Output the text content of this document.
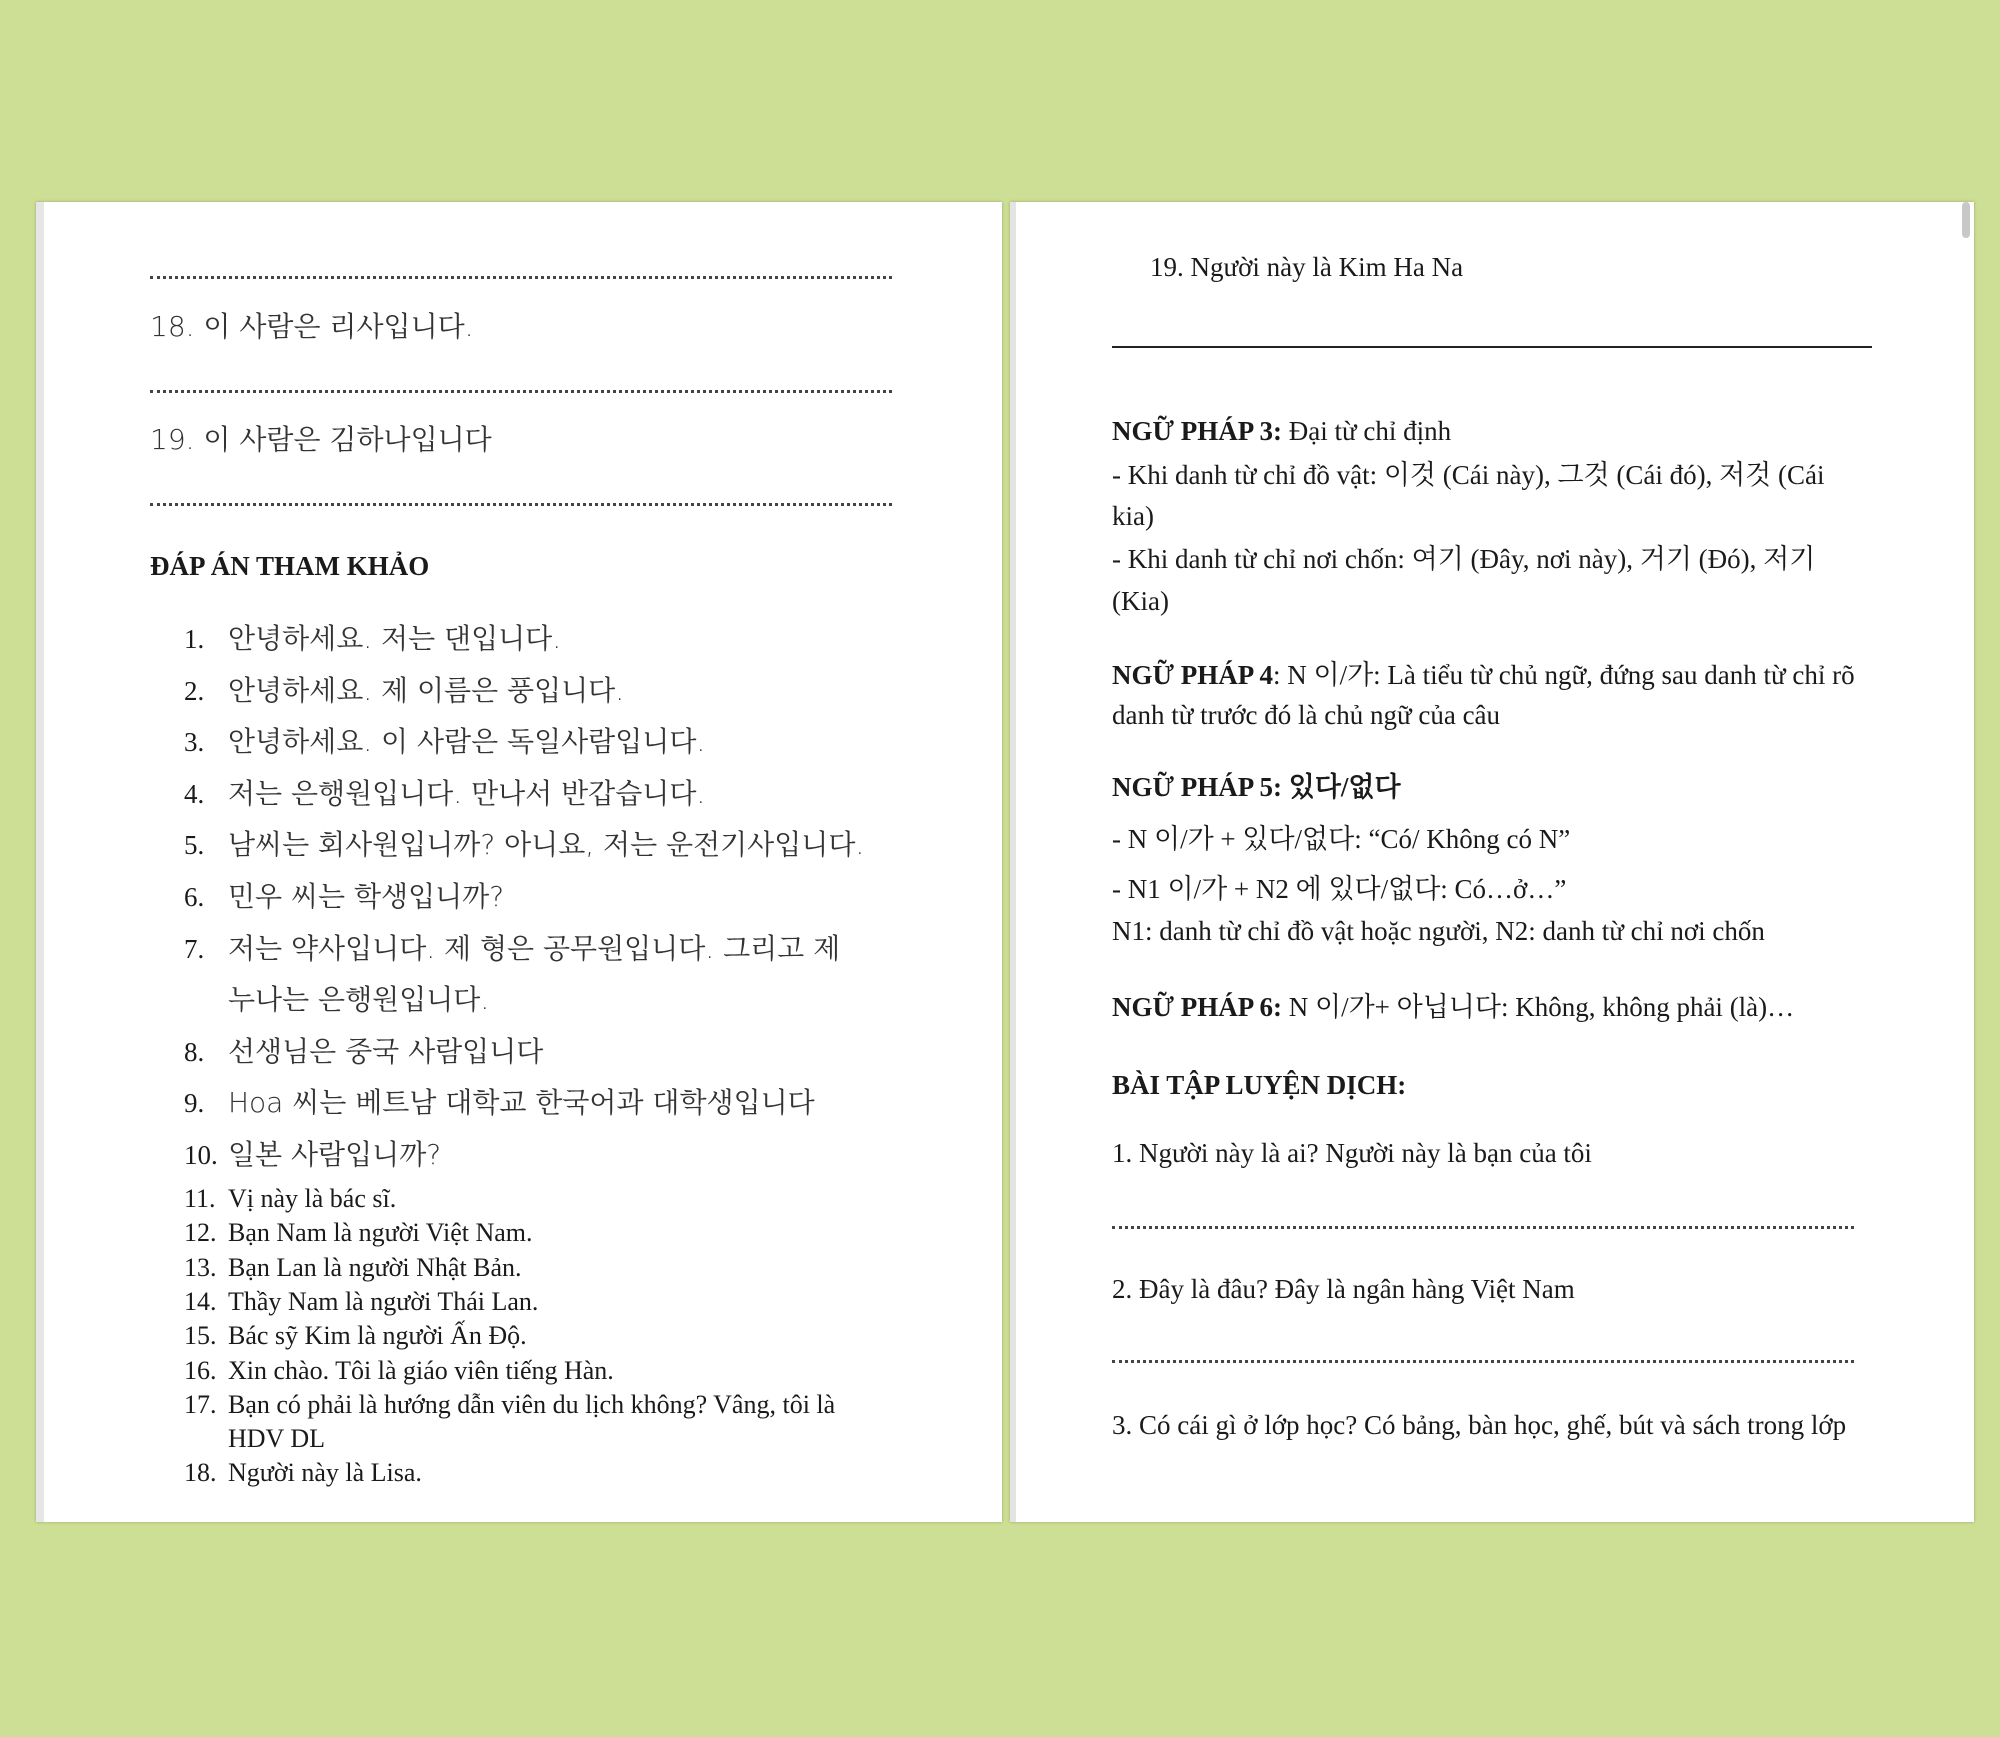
18. 이 사람은 리사입니다.
19. 이 사람은 김하나입니다
ĐÁP ÁN THAM KHẢO
1. 안녕하세요. 저는 댄입니다.
2. 안녕하세요. 제 이름은 풍입니다.
3. 안녕하세요. 이 사람은 독일사람입니다.
4. 저는 은행원입니다. 만나서 반갑습니다.
5. 남씨는 회사원입니까? 아니요, 저는 운전기사입니다.
6. 민우 씨는 학생입니까?
7. 저는 약사입니다. 제 형은 공무원입니다. 그리고 제
누나는 은행원입니다.
8. 선생님은 중국 사람입니다
9. Hoa 씨는 베트남 대학교 한국어과 대학생입니다
10. 일본 사람입니까?
11. Vị này là bác sĩ.
12. Bạn Nam là người Việt Nam.
13. Bạn Lan là người Nhật Bản.
14. Thầy Nam là người Thái Lan.
15. Bác sỹ Kim là người Ấn Độ.
16. Xin chào. Tôi là giáo viên tiếng Hàn.
17. Bạn có phải là hướng dẫn viên du lịch không? Vâng, tôi là
HDV DL
18. Người này là Lisa.
19. Người này là Kim Ha Na
NGỮ PHÁP 3: Đại từ chỉ định
- Khi danh từ chỉ đồ vật: 이것 (Cái này), 그것 (Cái đó), 저것 (Cái
kia)
- Khi danh từ chỉ nơi chốn: 여기 (Đây, nơi này), 거기 (Đó), 저기
(Kia)
NGỮ PHÁP 4: N 이/가: Là tiểu từ chủ ngữ, đứng sau danh từ chỉ rõ
danh từ trước đó là chủ ngữ của câu
NGỮ PHÁP 5: 있다/없다
- N 이/가 + 있다/없다: “Có/ Không có N”
- N1 이/가 + N2 에 있다/없다: Có…ở…”
N1: danh từ chỉ đồ vật hoặc người, N2: danh từ chỉ nơi chốn
NGỮ PHÁP 6: N 이/가+ 아닙니다: Không, không phải (là)…
BÀI TẬP LUYỆN DỊCH:
1. Người này là ai? Người này là bạn của tôi
2. Đây là đâu? Đây là ngân hàng Việt Nam
3. Có cái gì ở lớp học? Có bảng, bàn học, ghế, bút và sách trong lớp
